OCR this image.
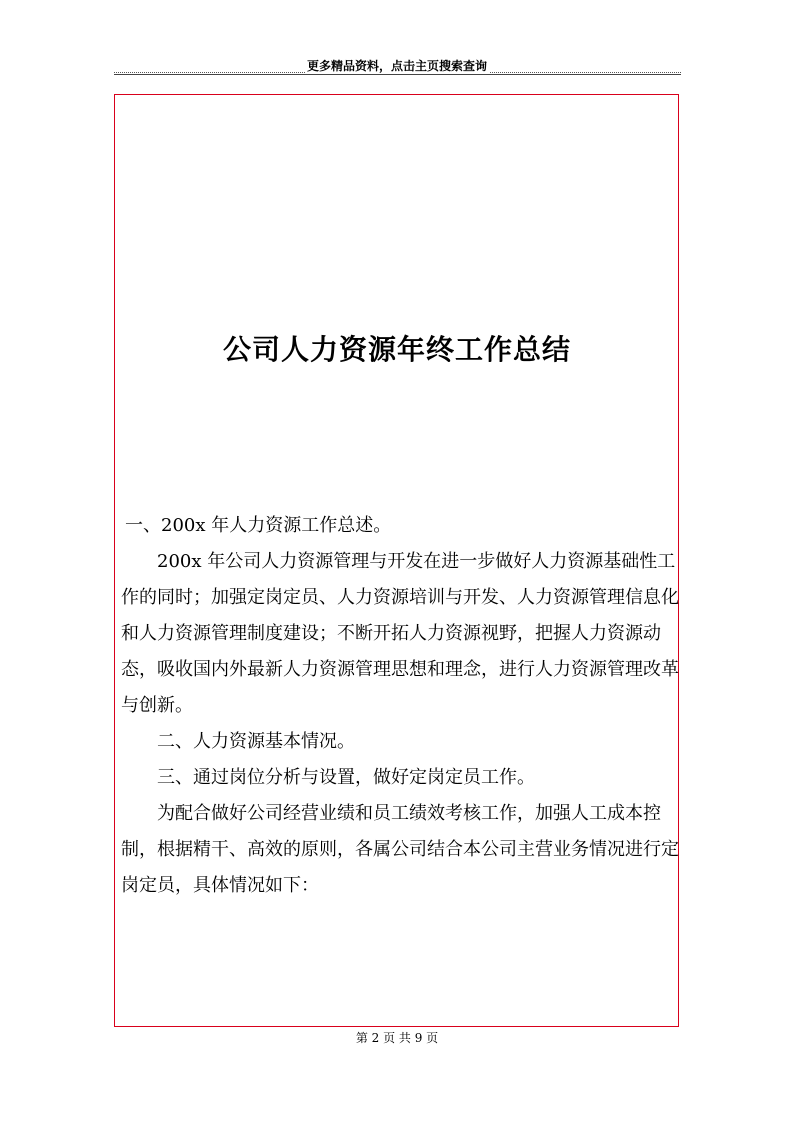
更多精品资料，点击主页搜索查询
公司人力资源年终工作总结

一、200x 年人力资源工作总述。

200x 年公司人力资源管理与开发在进一步做好人力资源基础性工作的同时；加强定岗定员、人力资源培训与开发、人力资源管理信息化和人力资源管理制度建设；不断开拓人力资源视野，把握人力资源动态，吸收国内外最新人力资源管理思想和理念，进行人力资源管理改革与创新。

二、人力资源基本情况。

三、通过岗位分析与设置，做好定岗定员工作。

为配合做好公司经营业绩和员工绩效考核工作，加强人工成本控制，根据精干、高效的原则，各属公司结合本公司主营业务情况进行定岗定员，具体情况如下：

第 2 页 共 9 页
